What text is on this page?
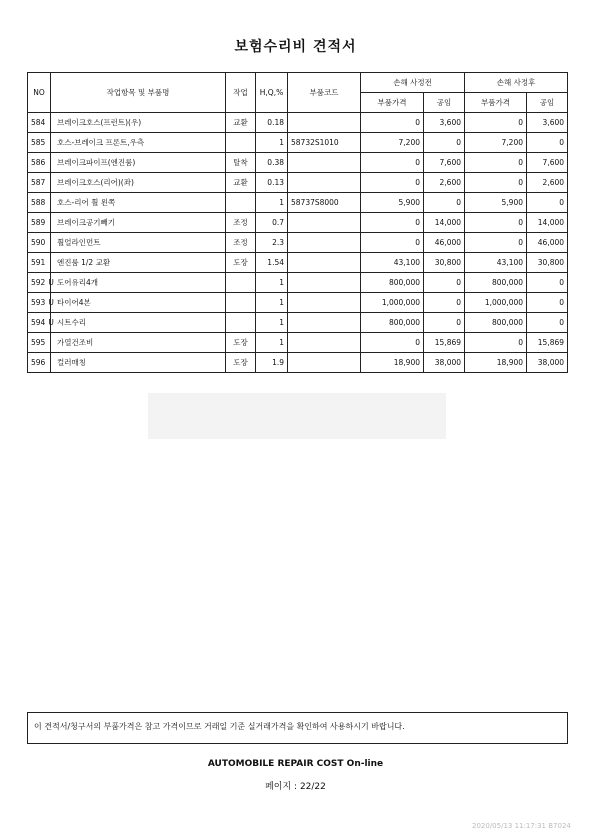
보험수리비 견적서
NO	작업항목 및 부품명	작업	H,Q,%	부품코드	손해 사정전		손해 사정후	
					부품가격	공임	부품가격	공임
584	브레이크호스(프런트)(우)	교환	0.18		0	3,600	0	3,600
585	호스-브레이크 프론트,우측		1	58732S1010	7,200	0	7,200	0
586	브레이크파이프(엔진룸)	탈착	0.38		0	7,600	0	7,600
587	브레이크호스(리어)(좌)	교환	0.13		0	2,600	0	2,600
588	호스-리어 휠 왼쪽		1	58737S8000	5,900	0	5,900	0
589	브레이크공기빼기	조정	0.7		0	14,000	0	14,000
590	휠얼라인먼트	조정	2.3		0	46,000	0	46,000
591	엔진룸 1/2 교환	도장	1.54		43,100	30,800	43,100	30,800
592 U	도어유리4개		1		800,000	0	800,000	0
593 U	타이어4본		1		1,000,000	0	1,000,000	0
594 U	시트수리		1		800,000	0	800,000	0
595	가열건조비	도장	1		0	15,869	0	15,869
596	컬러매칭	도장	1.9		18,900	38,000	18,900	38,000
이 견적서/청구서의 부품가격은 참고 가격이므로 거래일 기준 실거래가격을 확인하여 사용하시기 바랍니다.
AUTOMOBILE REPAIR COST On-line
페이지 : 22/22
2020/05/13 11:17:31 B7024
